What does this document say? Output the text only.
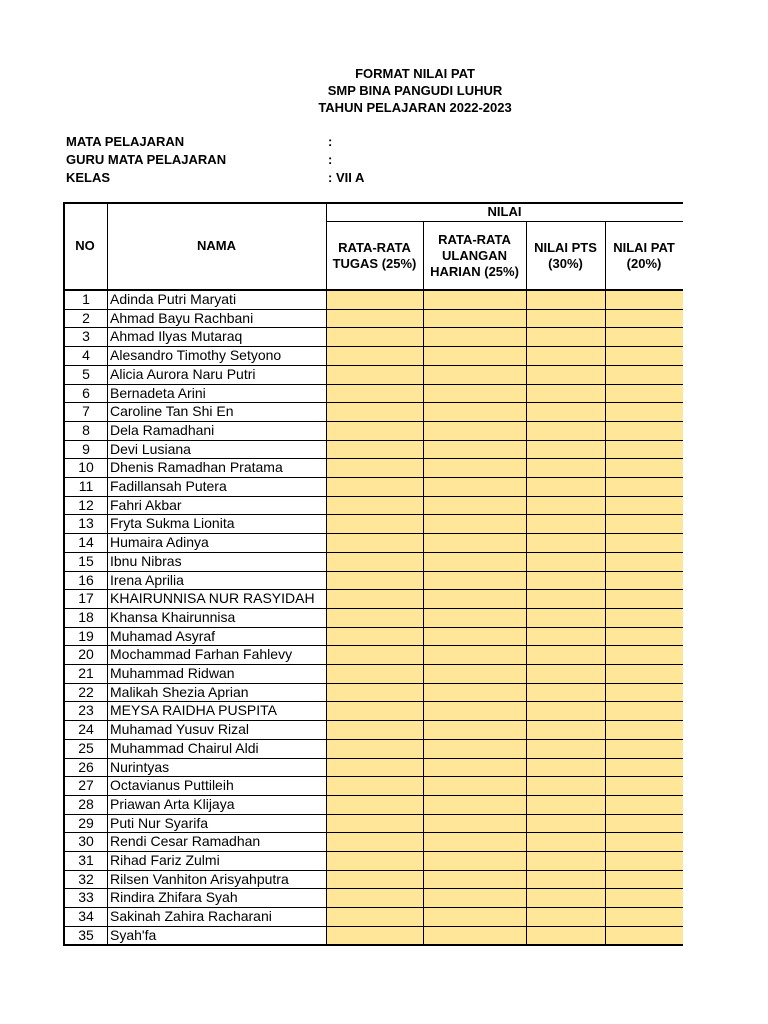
FORMAT NILAI PAT
SMP BINA PANGUDI LUHUR
TAHUN PELAJARAN 2022-2023
MATA PELAJARAN	:
GURU MATA PELAJARAN	:
KELAS	: VII A
NO	NAMA
NILAI
RATA-RATA TUGAS (25%)
RATA-RATA ULANGAN HARIAN (25%)
NILAI PTS (30%)
NILAI PAT (20%)
1	Adinda Putri Maryati
2	Ahmad Bayu Rachbani
3	Ahmad Ilyas Mutaraq
4	Alesandro Timothy Setyono
5	Alicia Aurora Naru Putri
6	Bernadeta Arini
7	Caroline Tan Shi En
8	Dela Ramadhani
9	Devi Lusiana
10	Dhenis Ramadhan Pratama
11	Fadillansah Putera
12	Fahri Akbar
13	Fryta Sukma Lionita
14	Humaira Adinya
15	Ibnu Nibras
16	Irena Aprilia
17	KHAIRUNNISA NUR RASYIDAH
18	Khansa Khairunnisa
19	Muhamad Asyraf
20	Mochammad Farhan Fahlevy
21	Muhammad Ridwan
22	Malikah Shezia Aprian
23	MEYSA RAIDHA PUSPITA
24	Muhamad Yusuv Rizal
25	Muhammad Chairul Aldi
26	Nurintyas
27	Octavianus Puttileih
28	Priawan Arta Klijaya
29	Puti Nur Syarifa
30	Rendi Cesar Ramadhan
31	Rihad Fariz Zulmi
32	Rilsen Vanhiton Arisyahputra
33	Rindira Zhifara Syah
34	Sakinah Zahira Racharani
35	Syah'fa
